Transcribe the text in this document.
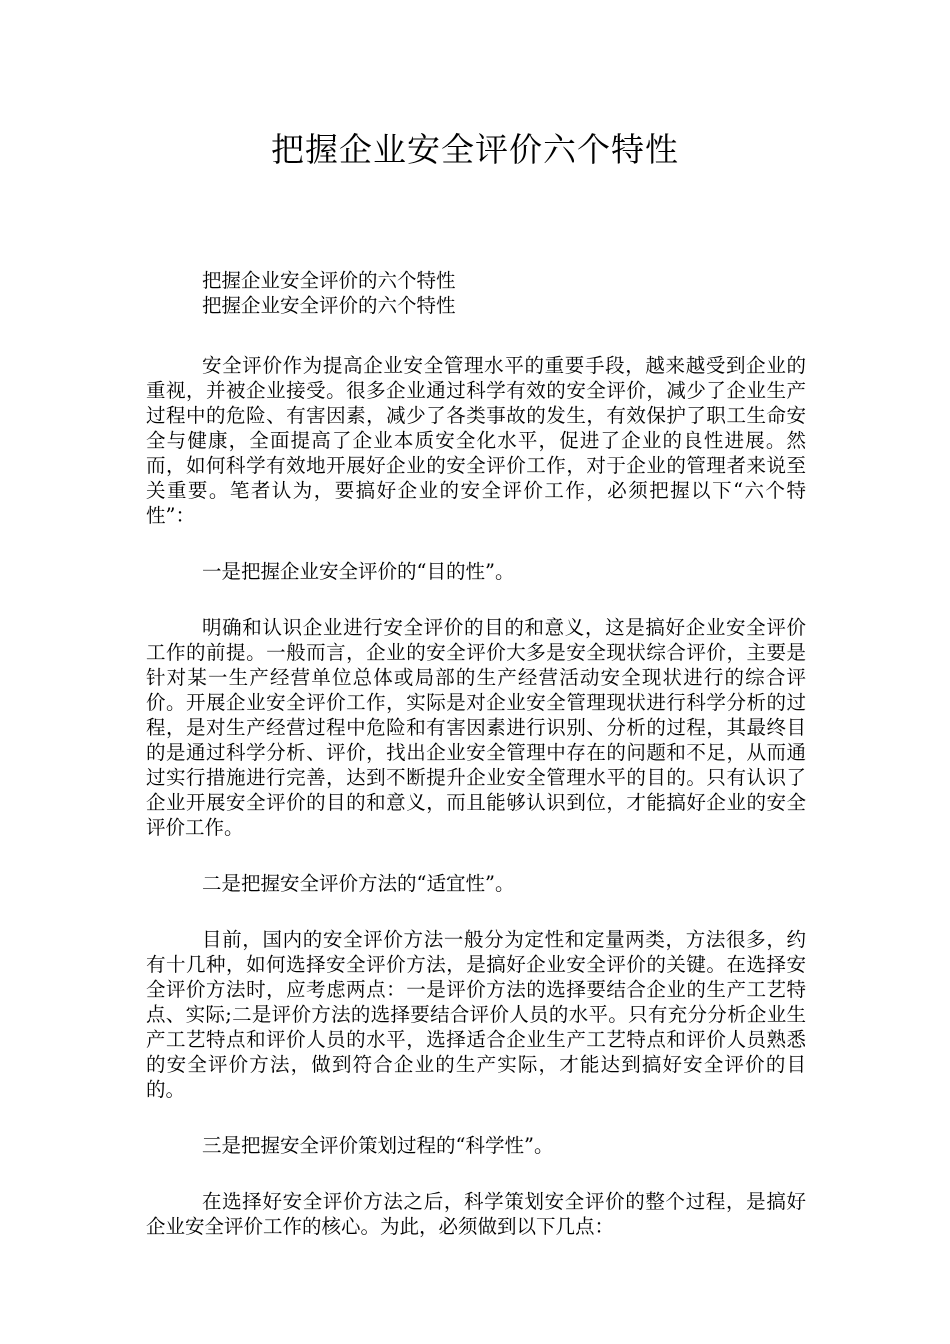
把握企业安全评价六个特性

把握企业安全评价的六个特性

把握企业安全评价的六个特性

安全评价作为提高企业安全管理水平的重要手段，越来越受到企业的重视，并被企业接受。很多企业通过科学有效的安全评价，减少了企业生产过程中的危险、有害因素，减少了各类事故的发生，有效保护了职工生命安全与健康，全面提高了企业本质安全化水平，促进了企业的良性进展。然而，如何科学有效地开展好企业的安全评价工作，对于企业的管理者来说至关重要。笔者认为，要搞好企业的安全评价工作，必须把握以下“六个特性”：

一是把握企业安全评价的“目的性”。

明确和认识企业进行安全评价的目的和意义，这是搞好企业安全评价工作的前提。一般而言，企业的安全评价大多是安全现状综合评价，主要是针对某一生产经营单位总体或局部的生产经营活动安全现状进行的综合评价。开展企业安全评价工作，实际是对企业安全管理现状进行科学分析的过程，是对生产经营过程中危险和有害因素进行识别、分析的过程，其最终目的是通过科学分析、评价，找出企业安全管理中存在的问题和不足，从而通过实行措施进行完善，达到不断提升企业安全管理水平的目的。只有认识了企业开展安全评价的目的和意义，而且能够认识到位，才能搞好企业的安全评价工作。

二是把握安全评价方法的“适宜性”。

目前，国内的安全评价方法一般分为定性和定量两类，方法很多，约有十几种，如何选择安全评价方法，是搞好企业安全评价的关键。在选择安全评价方法时，应考虑两点：一是评价方法的选择要结合企业的生产工艺特点、实际;二是评价方法的选择要结合评价人员的水平。只有充分分析企业生产工艺特点和评价人员的水平，选择适合企业生产工艺特点和评价人员熟悉的安全评价方法，做到符合企业的生产实际，才能达到搞好安全评价的目的。

三是把握安全评价策划过程的“科学性”。

在选择好安全评价方法之后，科学策划安全评价的整个过程，是搞好企业安全评价工作的核心。为此，必须做到以下几点：
